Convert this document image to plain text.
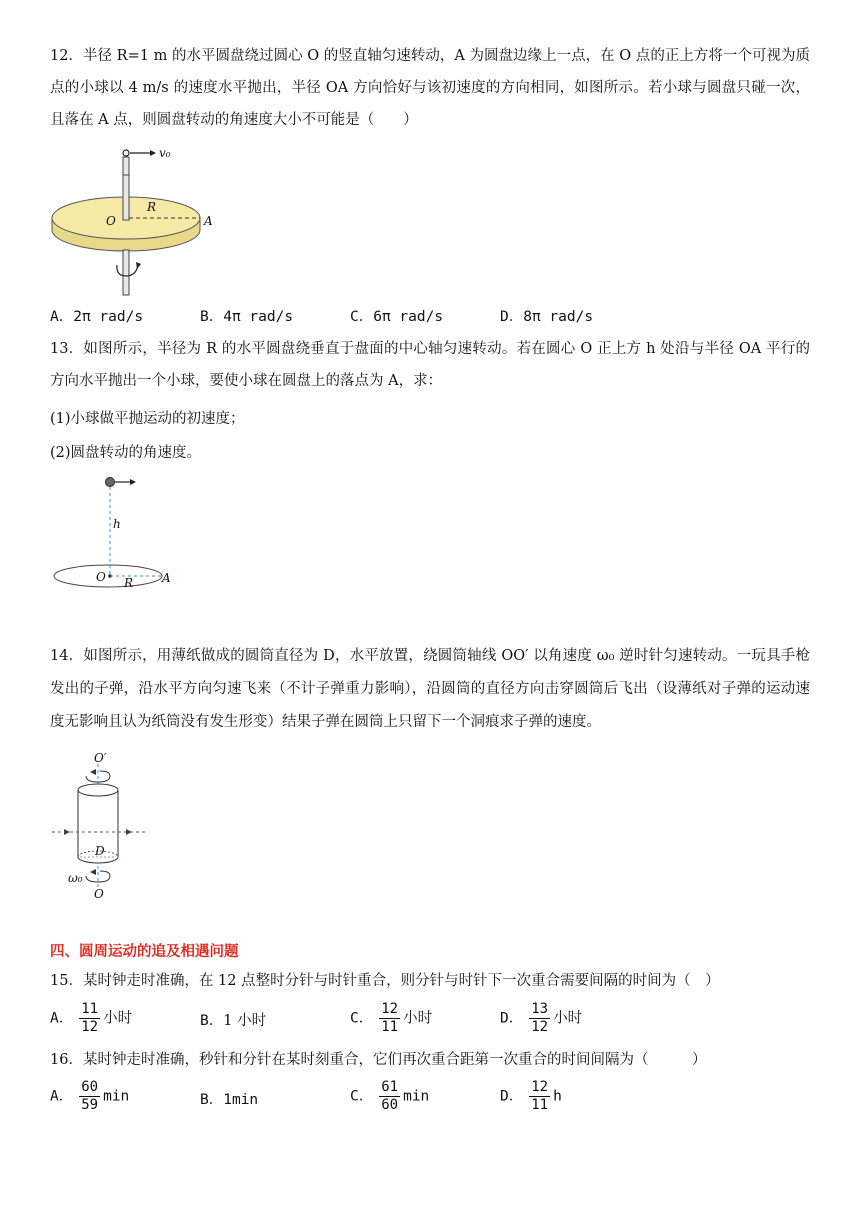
12．半径 R=1 m 的水平圆盘绕过圆心 O 的竖直轴匀速转动，A 为圆盘边缘上一点，在 O 点的正上方将一个可视为质点的小球以 4 m/s 的速度水平抛出，半径 OA 方向恰好与该初速度的方向相同，如图所示。若小球与圆盘只碰一次，且落在 A 点，则圆盘转动的角速度大小不可能是（　　）
v₀
O
R
A
A．2π rad/s	B．4π rad/s	C．6π rad/s	D．8π rad/s
13．如图所示，半径为 R 的水平圆盘绕垂直于盘面的中心轴匀速转动。若在圆心 O 正上方 h 处沿与半径 OA 平行的方向水平抛出一个小球，要使小球在圆盘上的落点为 A，求：
(1)小球做平抛运动的初速度；
(2)圆盘转动的角速度。
h
O R A
14．如图所示，用薄纸做成的圆筒直径为 D，水平放置，绕圆筒轴线 OO′ 以角速度 ω₀ 逆时针匀速转动。一玩具手枪发出的子弹，沿水平方向匀速飞来（不计子弹重力影响），沿圆筒的直径方向击穿圆筒后飞出（设薄纸对子弹的运动速度无影响且认为纸筒没有发生形变）结果子弹在圆筒上只留下一个洞痕求子弹的速度。
O′
D
ω₀
O
四、圆周运动的追及相遇问题
15．某时钟走时准确，在 12 点整时分针与时针重合，则分针与时针下一次重合需要间隔的时间为（　）
A． $\frac{11}{12}$ 小时	B．1 小时	C． $\frac{12}{11}$ 小时	D． $\frac{13}{12}$ 小时
16．某时钟走时准确，秒针和分针在某时刻重合，它们再次重合距第一次重合的时间间隔为（　　　）
A． $\frac{60}{59}$ min	B．1min	C． $\frac{61}{60}$ min	D． $\frac{12}{11}$ h
